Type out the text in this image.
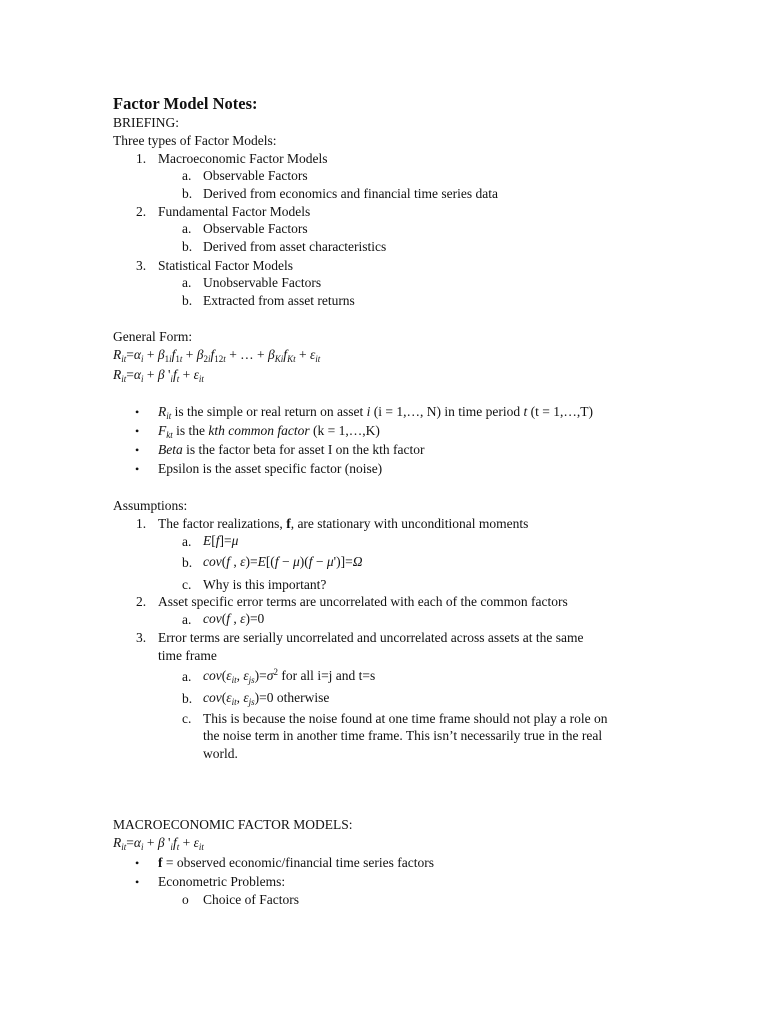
Factor Model Notes:
BRIEFING:
Three types of Factor Models:
1. Macroeconomic Factor Models
a. Observable Factors
b. Derived from economics and financial time series data
2. Fundamental Factor Models
a. Observable Factors
b. Derived from asset characteristics
3. Statistical Factor Models
a. Unobservable Factors
b. Extracted from asset returns
General Form:
$R_{it}=\alpha_i + \beta_{1i}f_{1t} + \beta_{2i}f_{12t}$ + … + $\beta_{Ki}f_{Kt} + \varepsilon_{it}$
$R_{it}=\alpha_i + \beta$ '$_if_t + \varepsilon_{it}$
• $R_{it}$ is the simple or real return on asset i (i = 1,…, N) in time period t (t = 1,…,T)
• $F_{kt}$ is the kth common factor (k = 1,…,K)
• Beta is the factor beta for asset I on the kth factor
• Epsilon is the asset specific factor (noise)
Assumptions:
1. The factor realizations, f, are stationary with unconditional moments
a. E[f]=μ
b. cov(f , ε)=E[(f − μ)(f − μ')]=Ω
c. Why is this important?
2. Asset specific error terms are uncorrelated with each of the common factors
a. cov(f , ε)=0
3. Error terms are serially uncorrelated and uncorrelated across assets at the same
time frame
a. $cov(\varepsilon_{it}$, $\varepsilon_{js})=\sigma^2$ for all i=j and t=s
b. $cov(\varepsilon_{it}$, $\varepsilon_{js})=0$ otherwise
c. This is because the noise found at one time frame should not play a role on
the noise term in another time frame. This isn’t necessarily true in the real
world.
MACROECONOMIC FACTOR MODELS:
$R_{it}=\alpha_i + \beta$ '$_if_t + \varepsilon_{it}$
• f = observed economic/financial time series factors
• Econometric Problems:
o Choice of Factors
